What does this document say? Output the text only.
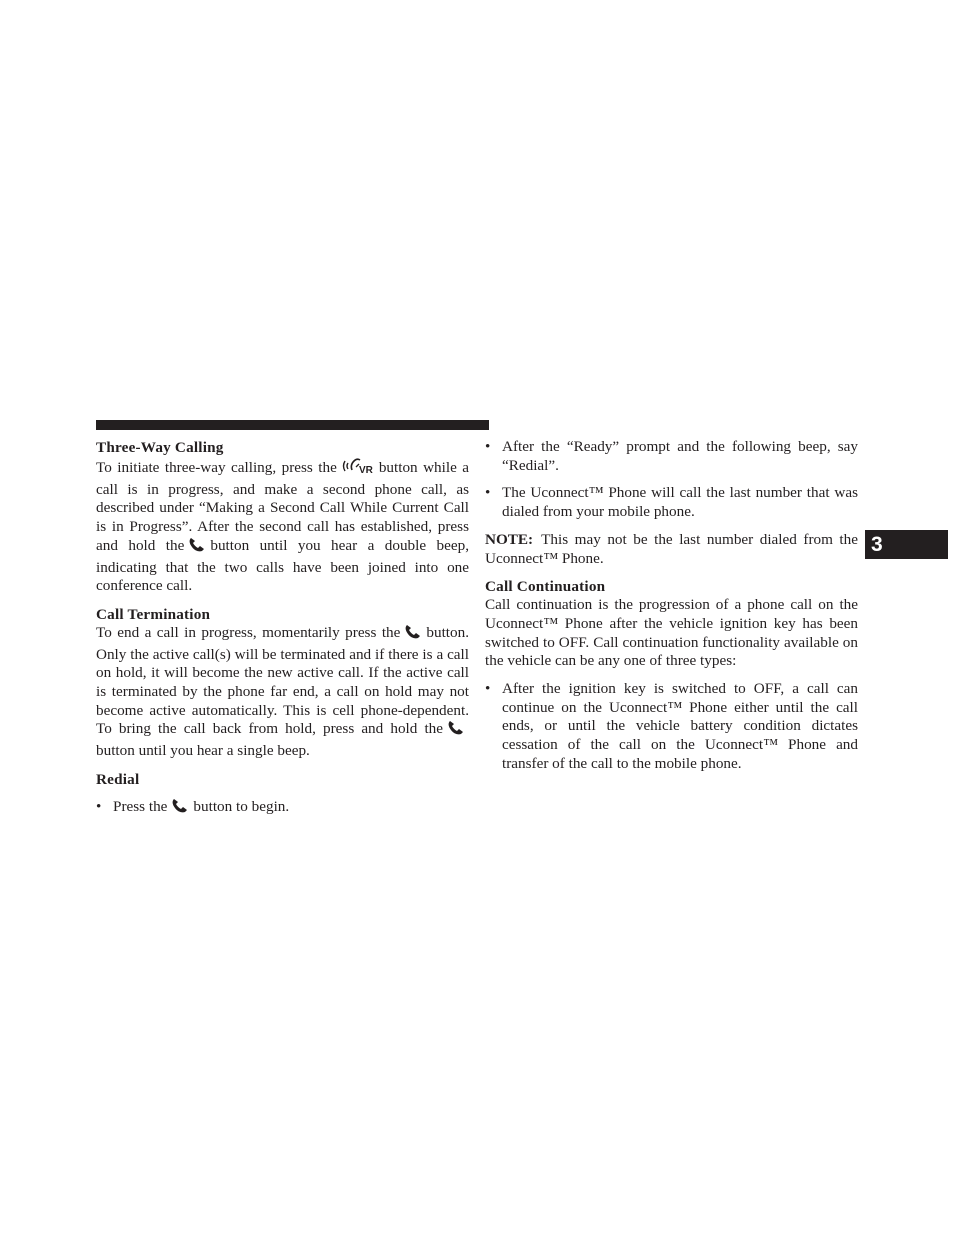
Three-Way Calling

To initiate three-way calling, press the VR button while a call is in progress, and make a second phone call, as described under “Making a Second Call While Current Call is in Progress”. After the second call has established, press and hold the button until you hear a double beep, indicating that the two calls have been joined into one conference call.

Call Termination

To end a call in progress, momentarily press the button. Only the active call(s) will be terminated and if there is a call on hold, it will become the new active call. If the active call is terminated by the phone far end, a call on hold may not become active automatically. This is cell phone-dependent. To bring the call back from hold, press and hold thebutton until you hear a single beep.

Redial
• Press the button to begin.
• After the “Ready” prompt and the following beep, say “Redial”.
• The Uconnect™ Phone will call the last number that was dialed from your mobile phone.

NOTE: This may not be the last number dialed from the Uconnect™ Phone.

Call Continuation

Call continuation is the progression of a phone call on the Uconnect™ Phone after the vehicle ignition key has been switched to OFF. Call continuation functionality available on the vehicle can be any one of three types:

• After the ignition key is switched to OFF, a call can continue on the Uconnect™ Phone either until the call ends, or until the vehicle battery condition dictates cessation of the call on the Uconnect™ Phone and transfer of the call to the mobile phone.
3
